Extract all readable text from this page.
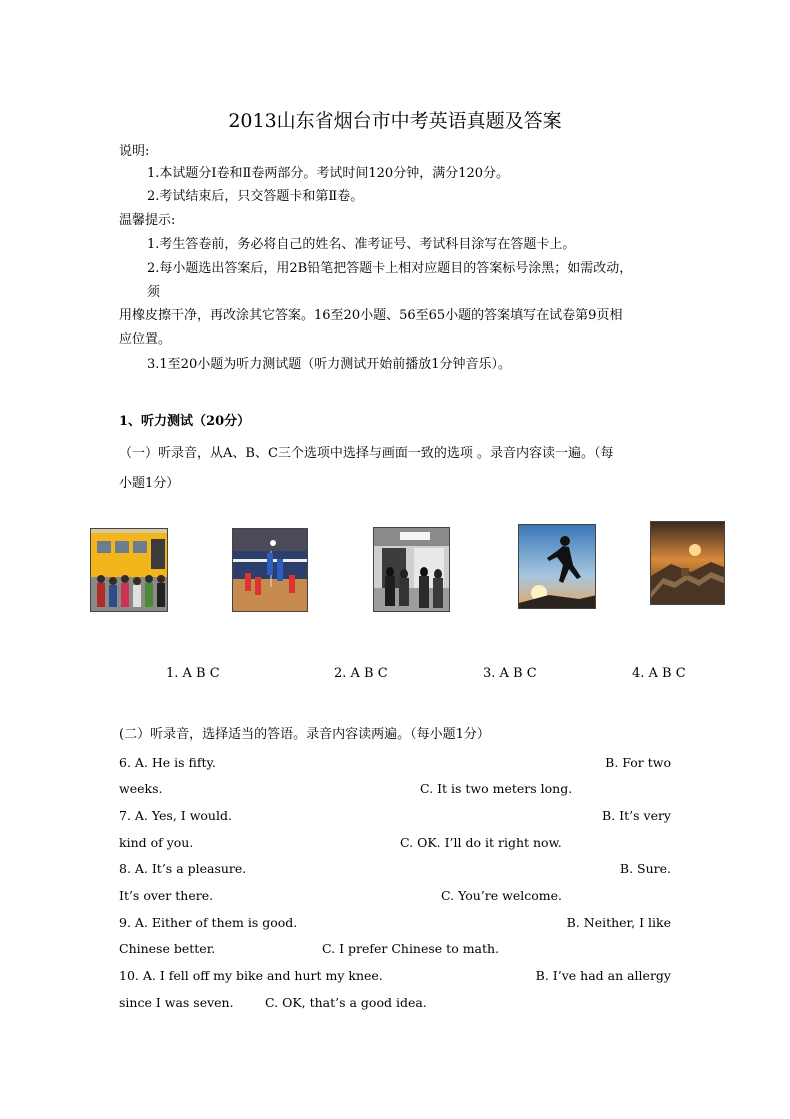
2013山东省烟台市中考英语真题及答案
说明:
1.本试题分Ⅰ卷和Ⅱ卷两部分。考试时间120分钟，满分120分。
2.考试结束后，只交答题卡和第Ⅱ卷。
温馨提示:
1.考生答卷前，务必将自己的姓名、准考证号、考试科目涂写在答题卡上。
2.每小题选出答案后，用2B铅笔把答题卡上相对应题目的答案标号涂黑；如需改动，
须
用橡皮擦干净，再改涂其它答案。16至20小题、56至65小题的答案填写在试卷第9页相
应位置。
3.1至20小题为听力测试题（听力测试开始前播放1分钟音乐）。
1、听力测试（20分）
（一）听录音，从A、B、C三个选项中选择与画面一致的选项 。录音内容读一遍。（每
小题1分）
1. A B C	2. A B C	3. A B C	4. A B C
(二）听录音，选择适当的答语。录音内容读两遍。（每小题1分）
6. A. He is fifty.	B. For two
weeks.	C. It is two meters long.
7. A. Yes, I would.	B. It’s very
kind of you.	C. OK. I’ll do it right now.
8. A. It’s a pleasure.	B. Sure.
It’s over there.	C. You’re welcome.
9. A. Either of them is good.	B. Neither, I like
Chinese better.	C. I prefer Chinese to math.
10. A. I fell off my bike and hurt my knee.	B. I’ve had an allergy
since I was seven.	C. OK, that’s a good idea.
